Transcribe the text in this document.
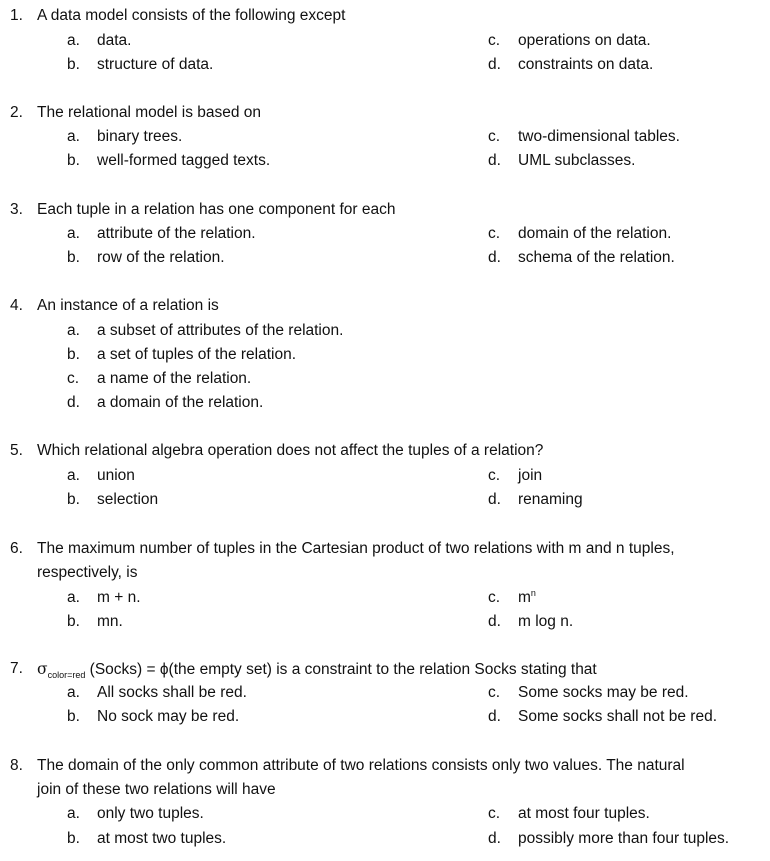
1. A data model consists of the following except
a. data.
b. structure of data.
c. operations on data.
d. constraints on data.
2. The relational model is based on
a. binary trees.
b. well-formed tagged texts.
c. two-dimensional tables.
d. UML subclasses.
3. Each tuple in a relation has one component for each
a. attribute of the relation.
b. row of the relation.
c. domain of the relation.
d. schema of the relation.
4. An instance of a relation is
a. a subset of attributes of the relation.
b. a set of tuples of the relation.
c. a name of the relation.
d. a domain of the relation.
5. Which relational algebra operation does not affect the tuples of a relation?
a. union
b. selection
c. join
d. renaming
6. The maximum number of tuples in the Cartesian product of two relations with m and n tuples,
respectively, is
a. m + n.
b. mn.
c. $m^n$
d. m log n.
7. $\sigma_{color=red}$ (Socks) = ϕ(the empty set) is a constraint to the relation Socks stating that
a. All socks shall be red.
b. No sock may be red.
c. Some socks may be red.
d. Some socks shall not be red.
8. The domain of the only common attribute of two relations consists only two values. The natural
join of these two relations will have
a. only two tuples.
b. at most two tuples.
c. at most four tuples.
d. possibly more than four tuples.
